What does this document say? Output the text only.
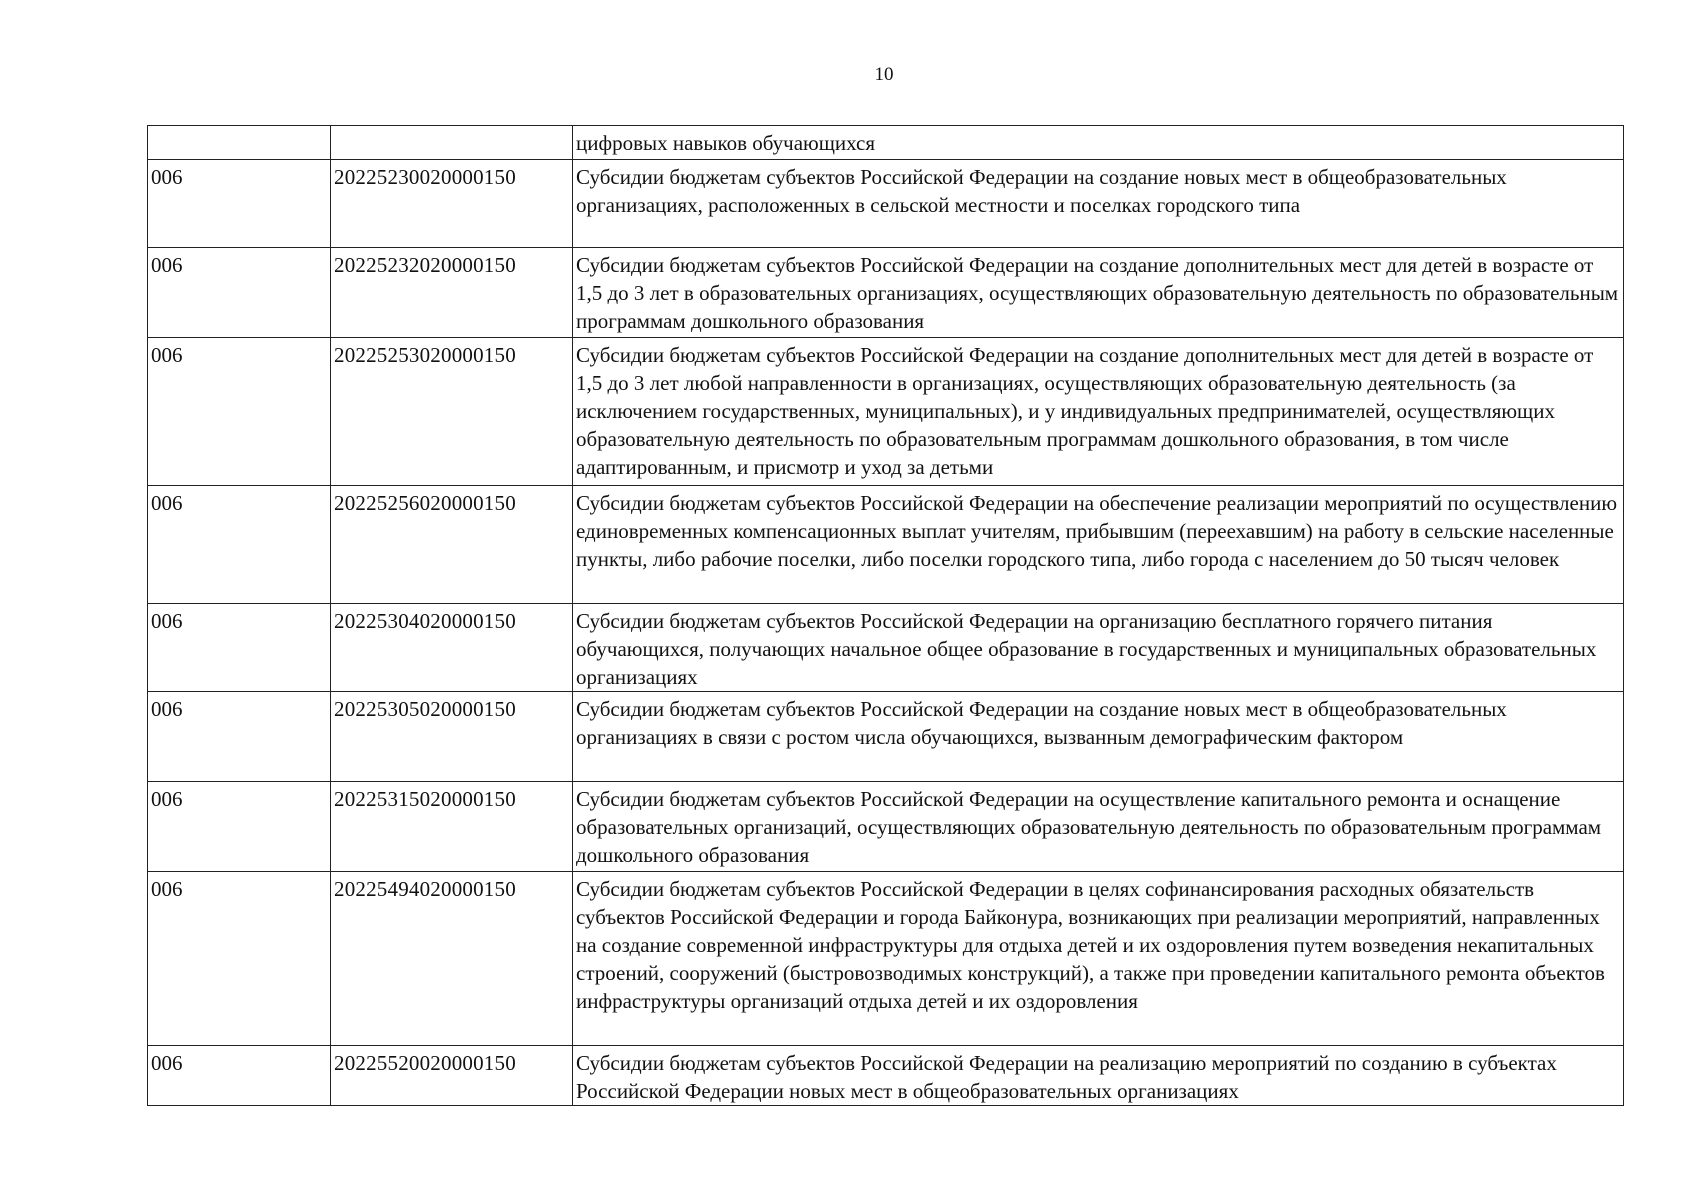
10
		цифровых навыков обучающихся
006	20225230020000150	Субсидии бюджетам субъектов Российской Федерации на создание новых мест в общеобразовательных организациях, расположенных в сельской местности и поселках городского типа
006	20225232020000150	Субсидии бюджетам субъектов Российской Федерации на создание дополнительных мест для детей в возрасте от 1,5 до 3 лет в образовательных организациях, осуществляющих образовательную деятельность по образовательным программам дошкольного образования
006	20225253020000150	Субсидии бюджетам субъектов Российской Федерации на создание дополнительных мест для детей в возрасте от 1,5 до 3 лет любой направленности в организациях, осуществляющих образовательную деятельность (за исключением государственных, муниципальных), и у индивидуальных предпринимателей, осуществляющих образовательную деятельность по образовательным программам дошкольного образования, в том числе адаптированным, и присмотр и уход за детьми
006	20225256020000150	Субсидии бюджетам субъектов Российской Федерации на обеспечение реализации мероприятий по осуществлению единовременных компенсационных выплат учителям, прибывшим (переехавшим) на работу в сельские населенные пункты, либо рабочие поселки, либо поселки городского типа, либо города с населением до 50 тысяч человек
006	20225304020000150	Субсидии бюджетам субъектов Российской Федерации на организацию бесплатного горячего питания обучающихся, получающих начальное общее образование в государственных и муниципальных образовательных организациях
006	20225305020000150	Субсидии бюджетам субъектов Российской Федерации на создание новых мест в общеобразовательных организациях в связи с ростом числа обучающихся, вызванным демографическим фактором
006	20225315020000150	Субсидии бюджетам субъектов Российской Федерации на осуществление капитального ремонта и оснащение образовательных организаций, осуществляющих образовательную деятельность по образовательным программам дошкольного образования
006	20225494020000150	Субсидии бюджетам субъектов Российской Федерации в целях софинансирования расходных обязательств субъектов Российской Федерации и города Байконура, возникающих при реализации мероприятий, направленных на создание современной инфраструктуры для отдыха детей и их оздоровления путем возведения некапитальных строений, сооружений (быстровозводимых конструкций), а также при проведении капитального ремонта объектов инфраструктуры организаций отдыха детей и их оздоровления
006	20225520020000150	Субсидии бюджетам субъектов Российской Федерации на реализацию мероприятий по созданию в субъектах Российской Федерации новых мест в общеобразовательных организациях
